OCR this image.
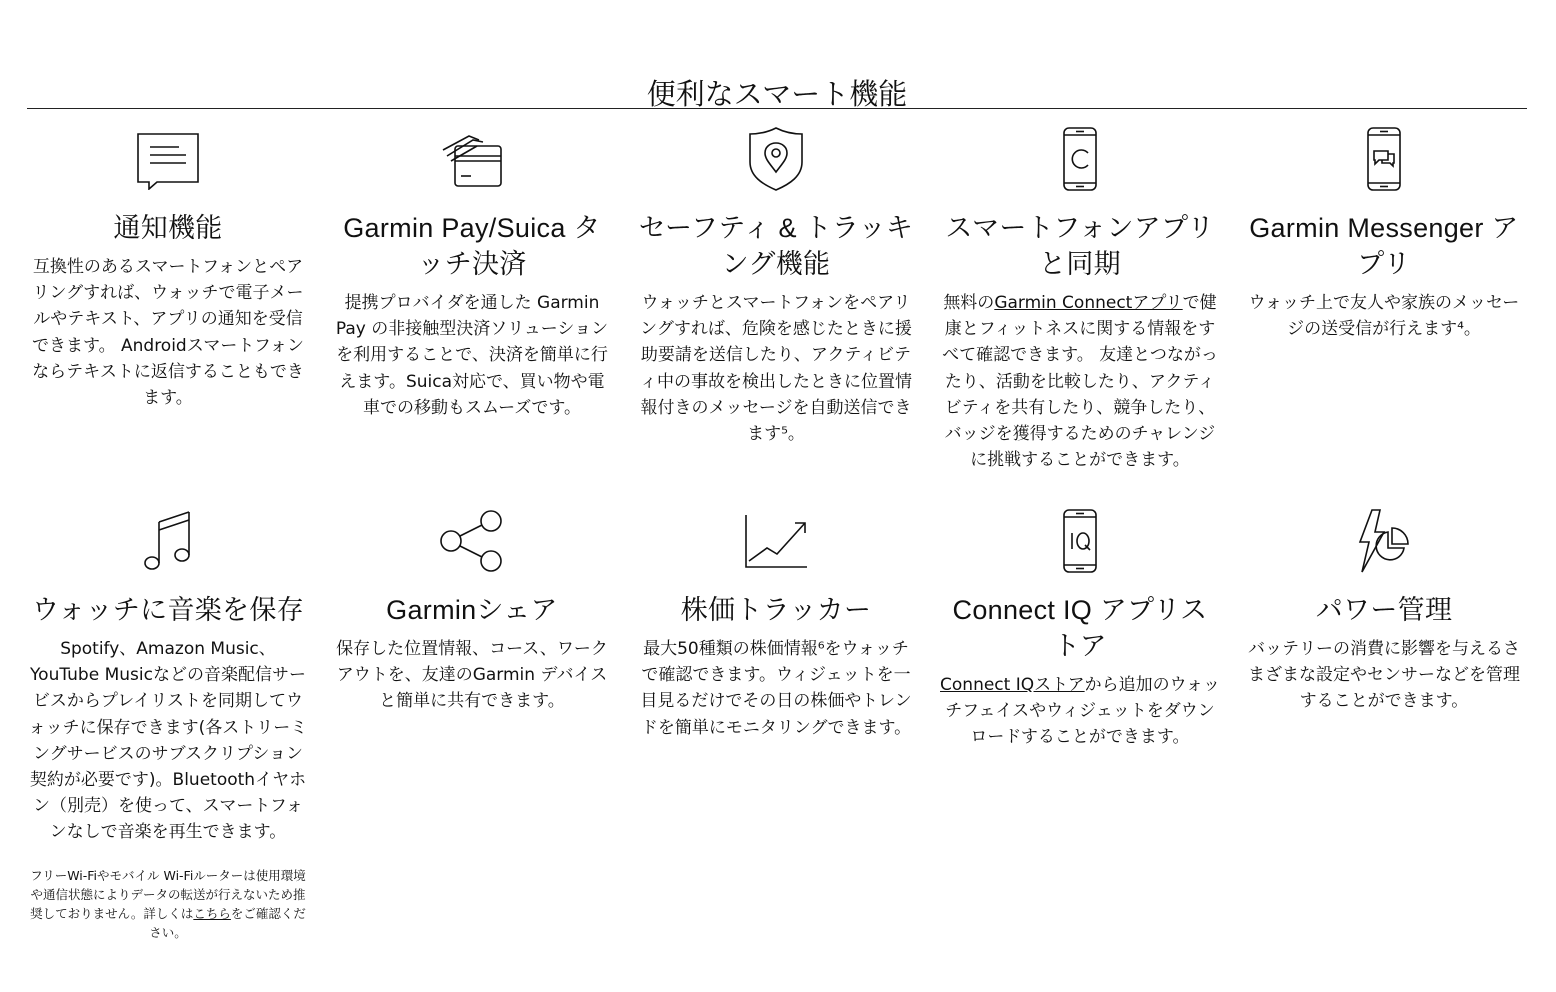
便利なスマート機能
通知機能

互換性のあるスマートフォンとペアリングすれば、ウォッチで電子メールやテキスト、アプリの通知を受信できます。 Androidスマートフォンならテキストに返信することもできます。

Garmin Pay/Suica タッチ決済

提携プロバイダを通した Garmin Pay の非接触型決済ソリューションを利用することで、決済を簡単に行えます。Suica対応で、買い物や電車での移動もスムーズです。

セーフティ & トラッキング機能

ウォッチとスマートフォンをペアリングすれば、危険を感じたときに援助要請を送信したり、アクティビティ中の事故を検出したときに位置情報付きのメッセージを自動送信できます⁵。

スマートフォンアプリと同期

無料のGarmin Connectアプリで健康とフィットネスに関する情報をすべて確認できます。 友達とつながったり、活動を比較したり、アクティビティを共有したり、競争したり、バッジを獲得するためのチャレンジに挑戦することができます。

Garmin Messenger アプリ

ウォッチ上で友人や家族のメッセージの送受信が行えます⁴。

ウォッチに音楽を保存

Spotify、Amazon Music、YouTube Musicなどの音楽配信サービスからプレイリストを同期してウォッチに保存できます(各ストリーミングサービスのサブスクリプション契約が必要です)。Bluetoothイヤホン（別売）を使って、スマートフォンなしで音楽を再生できます。

フリーWi-Fiやモバイル Wi-Fiルーターは使用環境や通信状態によりデータの転送が行えないため推奨しておりません。詳しくはこちらをご確認ください。

Garminシェア

保存した位置情報、コース、ワークアウトを、友達のGarmin デバイスと簡単に共有できます。

株価トラッカー

最大50種類の株価情報⁶をウォッチで確認できます。ウィジェットを一目見るだけでその日の株価やトレンドを簡単にモニタリングできます。

Connect IQ アプリストア

Connect IQストアから追加のウォッチフェイスやウィジェットをダウンロードすることができます。

パワー管理

バッテリーの消費に影響を与えるさまざまな設定やセンサーなどを管理することができます。
